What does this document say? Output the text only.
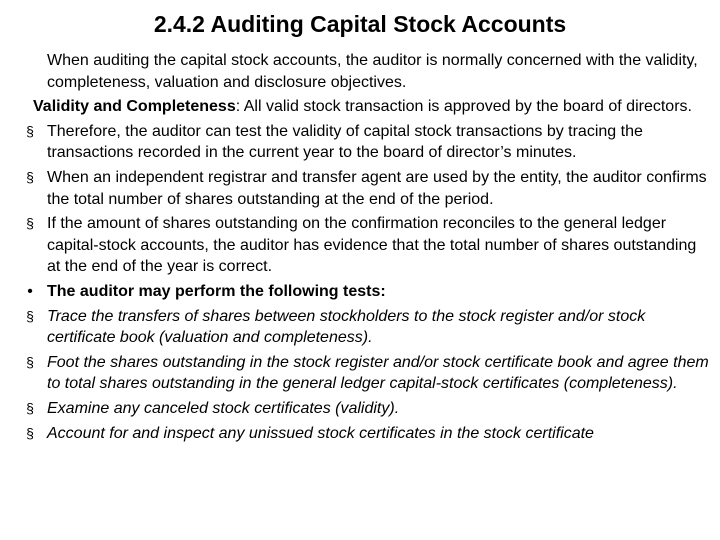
2.4.2 Auditing Capital Stock Accounts

When auditing the capital stock accounts, the auditor is normally concerned with the validity, completeness, valuation and disclosure objectives.

Validity and Completeness: All valid stock transaction is approved by the board of directors.

§ Therefore, the auditor can test the validity of capital stock transactions by tracing the transactions recorded in the current year to the board of director’s minutes.

§ When an independent registrar and transfer agent are used by the entity, the auditor confirms the total number of shares outstanding at the end of the period.

§ If the amount of shares outstanding on the confirmation reconciles to the general ledger capital-stock accounts, the auditor has evidence that the total number of shares outstanding at the end of the year is correct.

• The auditor may perform the following tests:

§ Trace the transfers of shares between stockholders to the stock register and/or stock certificate book (valuation and completeness).

§ Foot the shares outstanding in the stock register and/or stock certificate book and agree them to total shares outstanding in the general ledger capital-stock certificates (completeness).

§ Examine any canceled stock certificates (validity).

§ Account for and inspect any unissued stock certificates in the stock certificate
